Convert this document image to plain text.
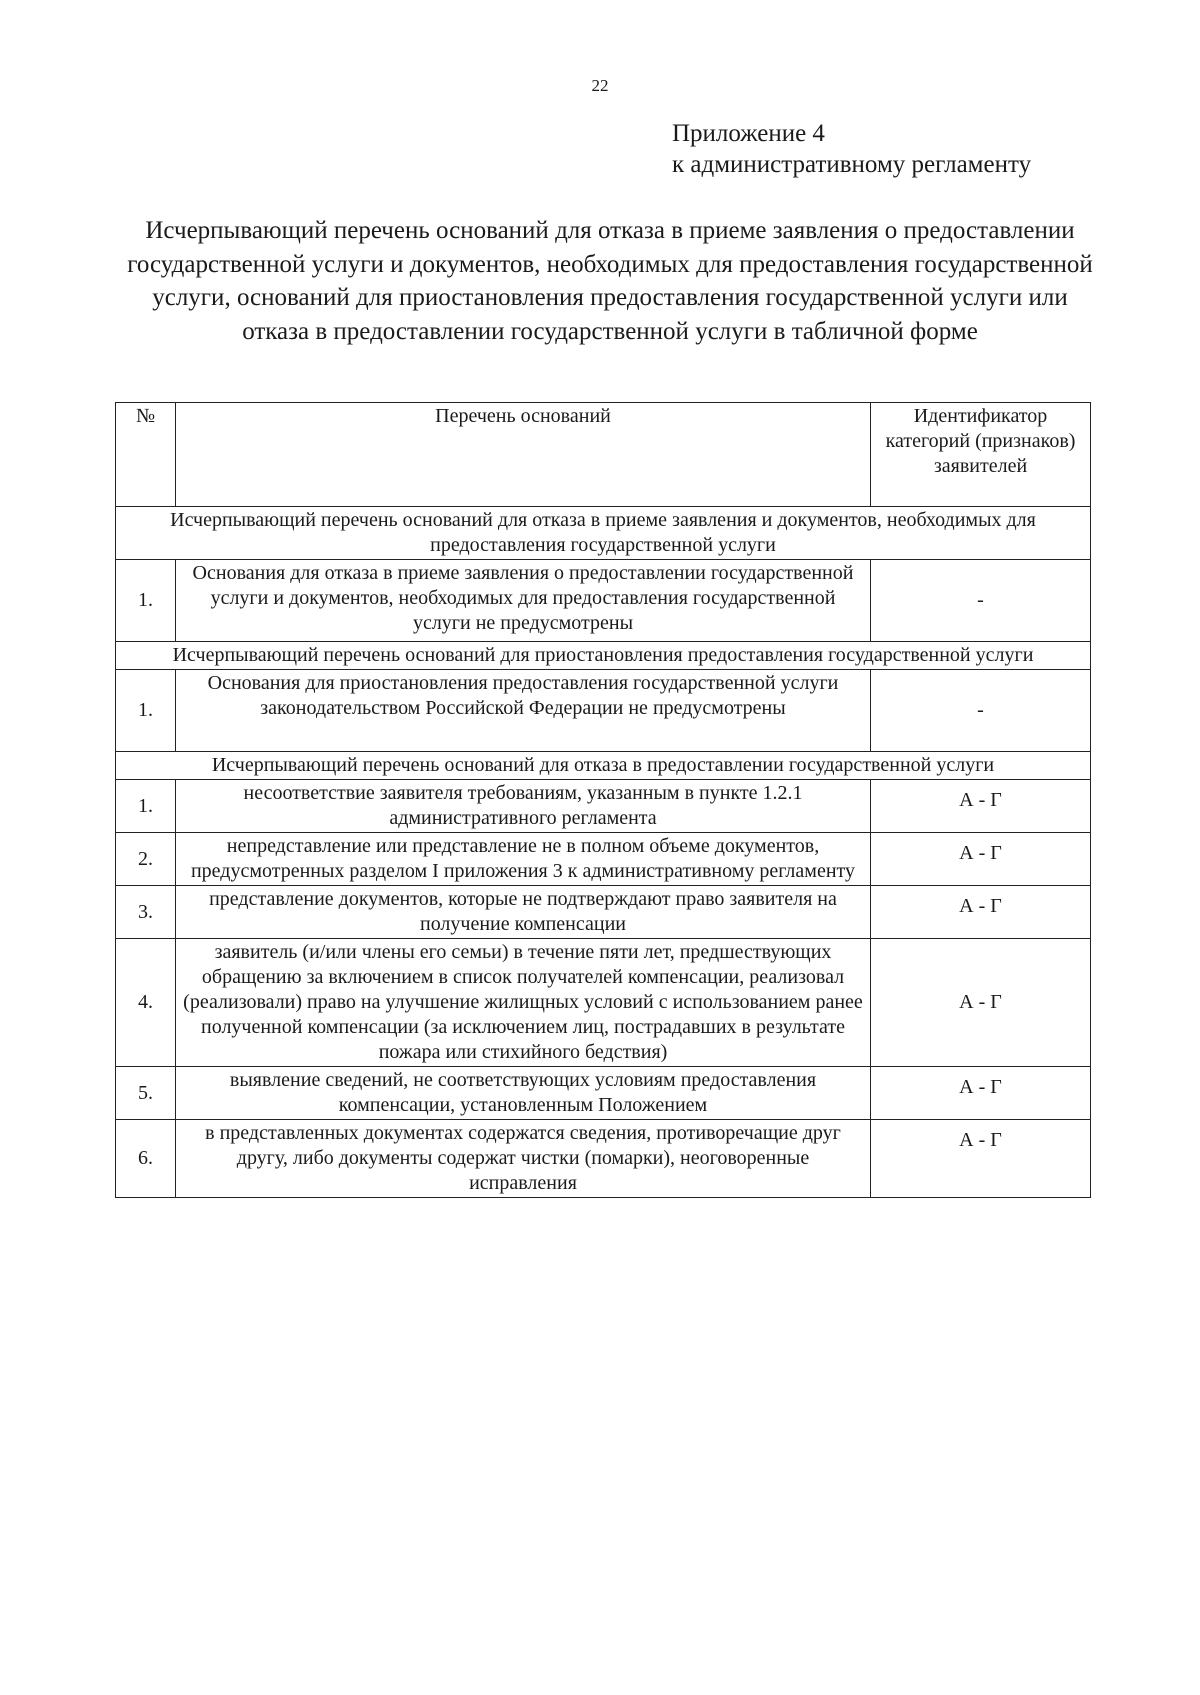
22
Приложение 4
к административному регламенту
Исчерпывающий перечень оснований для отказа в приеме заявления о предоставлении государственной услуги и документов, необходимых для предоставления государственной услуги, оснований для приостановления предоставления государственной услуги или отказа в предоставлении государственной услуги в табличной форме
№	Перечень оснований	Идентификатор категорий (признаков) заявителей
Исчерпывающий перечень оснований для отказа в приеме заявления и документов, необходимых для предоставления государственной услуги		
1.	Основания для отказа в приеме заявления о предоставлении государственной услуги и документов, необходимых для предоставления государственной услуги не предусмотрены	-
Исчерпывающий перечень оснований для приостановления предоставления государственной услуги		
1.	Основания для приостановления предоставления государственной услуги законодательством Российской Федерации не предусмотрены	-
Исчерпывающий перечень оснований для отказа в предоставлении государственной услуги		
1.	несоответствие заявителя требованиям, указанным в пункте 1.2.1 административного регламента	А - Г
2.	непредставление или представление не в полном объеме документов, предусмотренных разделом I приложения 3 к административному регламенту	А - Г
3.	представление документов, которые не подтверждают право заявителя на получение компенсации	А - Г
4.	заявитель (и/или члены его семьи) в течение пяти лет, предшествующих обращению за включением в список получателей компенсации, реализовал (реализовали) право на улучшение жилищных условий с использованием ранее полученной компенсации (за исключением лиц, пострадавших в результате пожара или стихийного бедствия)	А - Г
5.	выявление сведений, не соответствующих условиям предоставления компенсации, установленным Положением	А - Г
6.	в представленных документах содержатся сведения, противоречащие друг другу, либо документы содержат чистки (помарки), неоговоренные исправления	А - Г
